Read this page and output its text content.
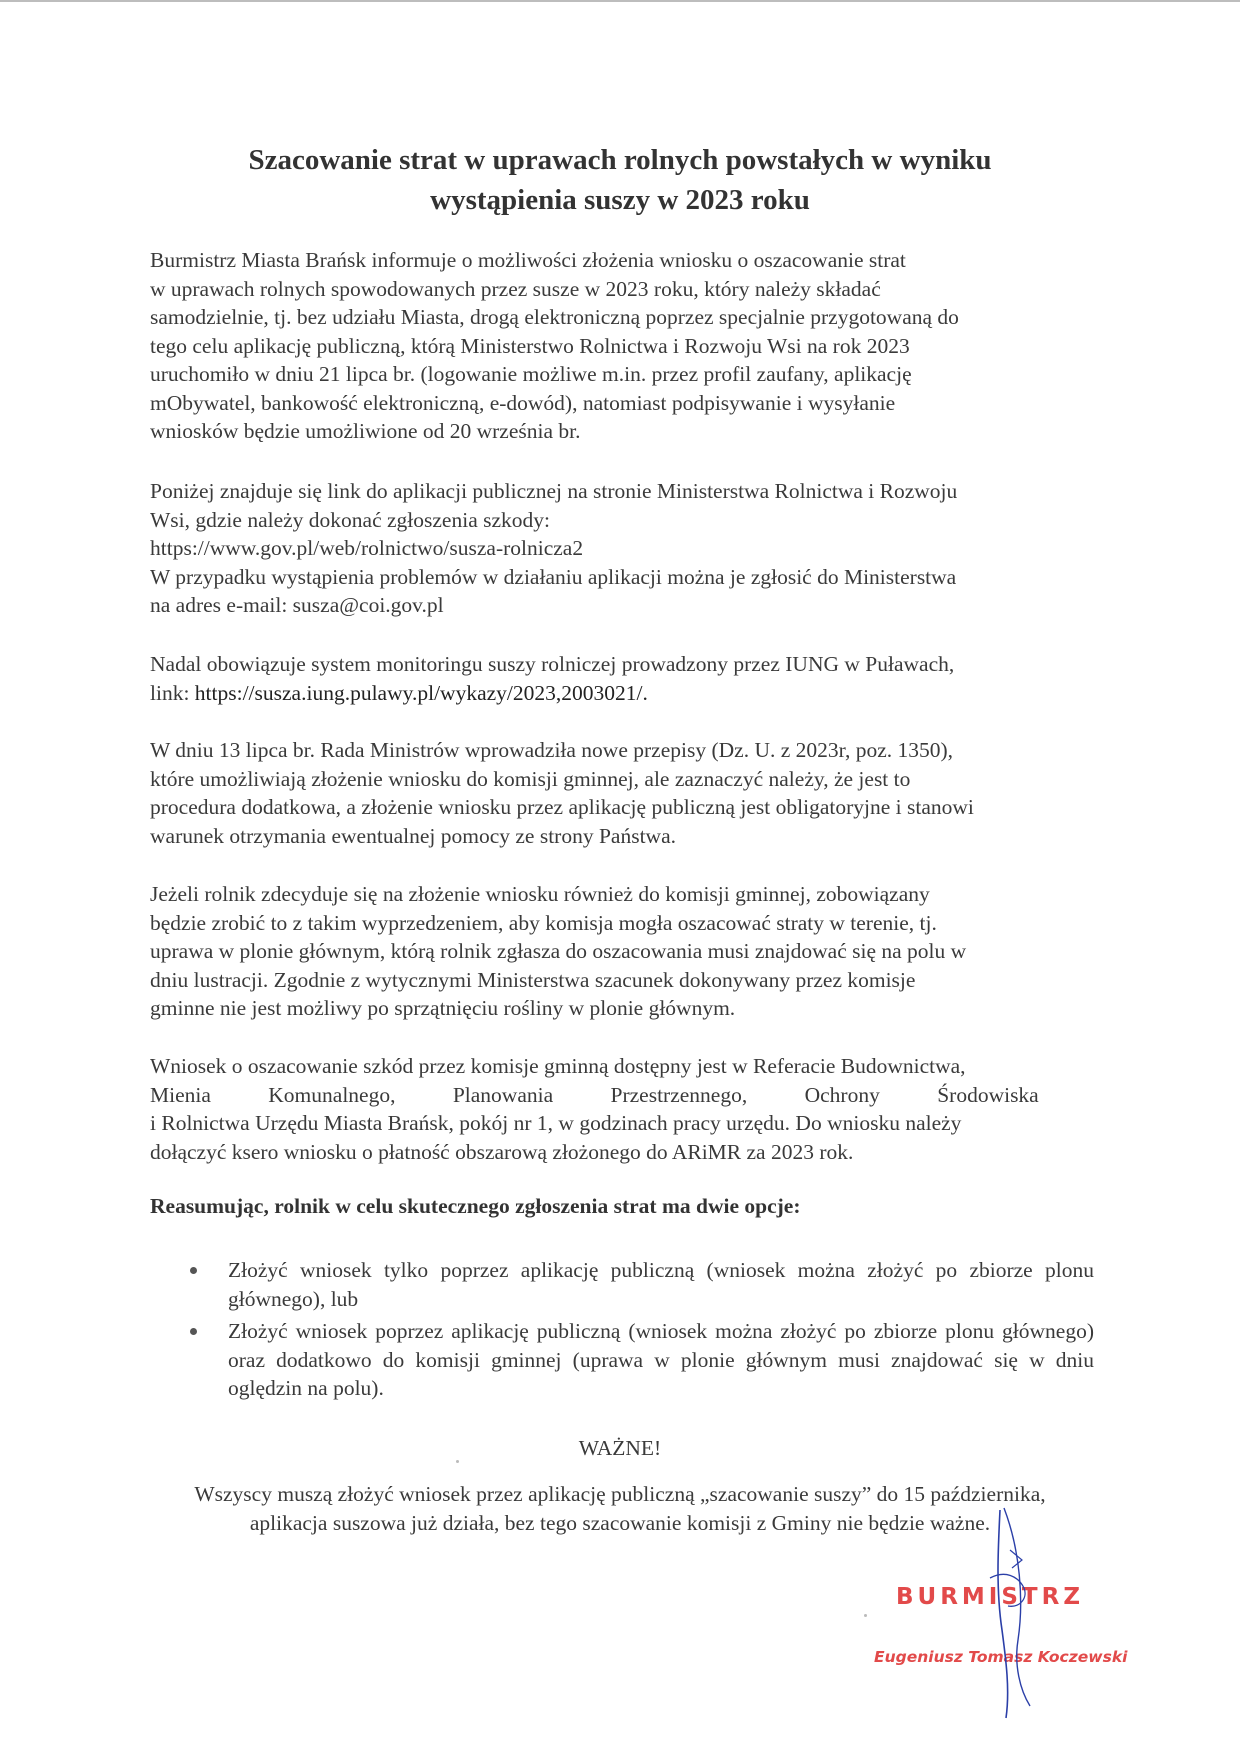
Szacowanie strat w uprawach rolnych powstałych w wyniku
wystąpienia suszy w 2023 roku
Burmistrz Miasta Brańsk informuje o możliwości złożenia wniosku o oszacowanie strat
w uprawach rolnych spowodowanych przez susze w 2023 roku, który należy składać
samodzielnie, tj. bez udziału Miasta, drogą elektroniczną poprzez specjalnie przygotowaną do
tego celu aplikację publiczną, którą Ministerstwo Rolnictwa i Rozwoju Wsi na rok 2023
uruchomiło w dniu 21 lipca br. (logowanie możliwe m.in. przez profil zaufany, aplikację
mObywatel, bankowość elektroniczną, e-dowód), natomiast podpisywanie i wysyłanie
wniosków będzie umożliwione od 20 września br.
Poniżej znajduje się link do aplikacji publicznej na stronie Ministerstwa Rolnictwa i Rozwoju
Wsi, gdzie należy dokonać zgłoszenia szkody:
https://www.gov.pl/web/rolnictwo/susza-rolnicza2
W przypadku wystąpienia problemów w działaniu aplikacji można je zgłosić do Ministerstwa
na adres e-mail: susza@coi.gov.pl
Nadal obowiązuje system monitoringu suszy rolniczej prowadzony przez IUNG w Puławach,
link: https://susza.iung.pulawy.pl/wykazy/2023,2003021/.
W dniu 13 lipca br. Rada Ministrów wprowadziła nowe przepisy (Dz. U. z 2023r, poz. 1350),
które umożliwiają złożenie wniosku do komisji gminnej, ale zaznaczyć należy, że jest to
procedura dodatkowa, a złożenie wniosku przez aplikację publiczną jest obligatoryjne i stanowi
warunek otrzymania ewentualnej pomocy ze strony Państwa.
Jeżeli rolnik zdecyduje się na złożenie wniosku również do komisji gminnej, zobowiązany
będzie zrobić to z takim wyprzedzeniem, aby komisja mogła oszacować straty w terenie, tj.
uprawa w plonie głównym, którą rolnik zgłasza do oszacowania musi znajdować się na polu w
dniu lustracji. Zgodnie z wytycznymi Ministerstwa szacunek dokonywany przez komisje
gminne nie jest możliwy po sprzątnięciu rośliny w plonie głównym.
Wniosek o oszacowanie szkód przez komisje gminną dostępny jest w Referacie Budownictwa,
Mienia Komunalnego, Planowania Przestrzennego, Ochrony Środowiska
i Rolnictwa Urzędu Miasta Brańsk, pokój nr 1, w godzinach pracy urzędu. Do wniosku należy
dołączyć ksero wniosku o płatność obszarową złożonego do ARiMR za 2023 rok.
Reasumując, rolnik w celu skutecznego zgłoszenia strat ma dwie opcje:
Złożyć wniosek tylko poprzez aplikację publiczną (wniosek można złożyć po zbiorze plonu głównego), lub
Złożyć wniosek poprzez aplikację publiczną (wniosek można złożyć po zbiorze plonu głównego) oraz dodatkowo do komisji gminnej (uprawa w plonie głównym musi znajdować się w dniu oględzin na polu).
WAŻNE!
Wszyscy muszą złożyć wniosek przez aplikację publiczną „szacowanie suszy” do 15 października,
aplikacja suszowa już działa, bez tego szacowanie komisji z Gminy nie będzie ważne.
BURMISTRZ
Eugeniusz Tomasz Koczewski
